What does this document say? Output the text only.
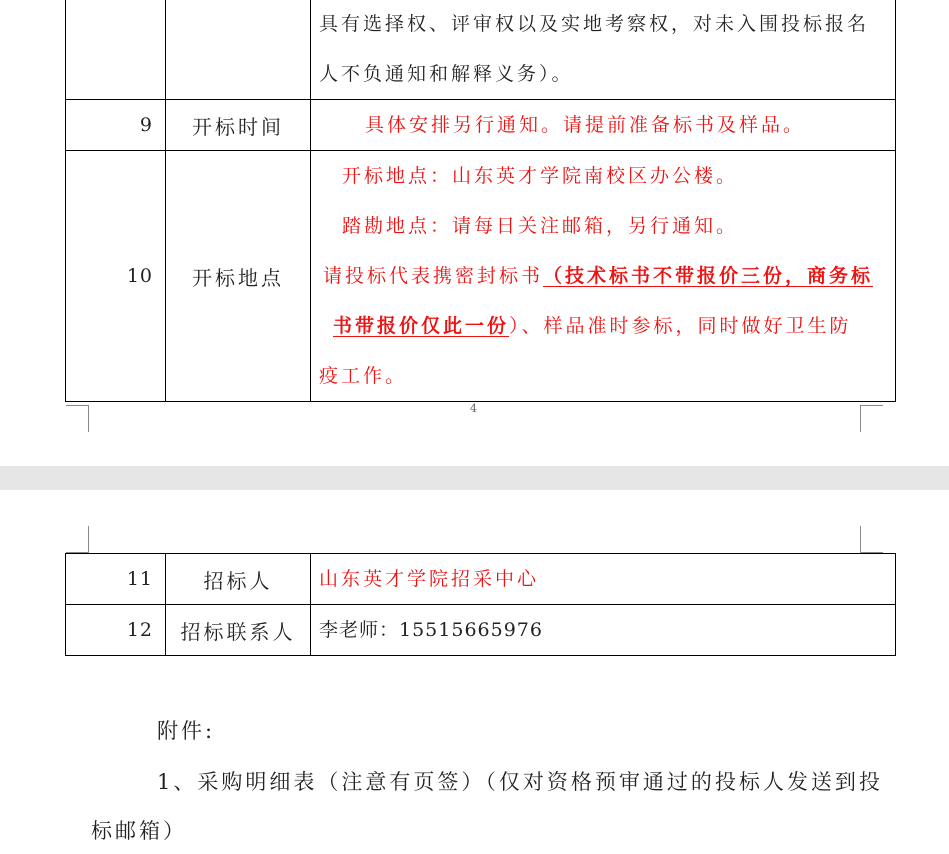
		具有选择权、评审权以及实地考察权，对未入围投标报名
人不负通知和解释义务）。

9	开标时间	具体安排另行通知。请提前准备标书及样品。

10	开标地点	开标地点：山东英才学院南校区办公楼。
踏勘地点：请每日关注邮箱，另行通知。
请投标代表携密封标书（技术标书不带报价三份，商务标
书带报价仅此一份）、样品准时参标，同时做好卫生防
疫工作。
4
11	招标人	山东英才学院招采中心

12	招标联系人	李老师：15515665976
附件:
1、采购明细表（注意有页签）（仅对资格预审通过的投标人发送到投
标邮箱）
